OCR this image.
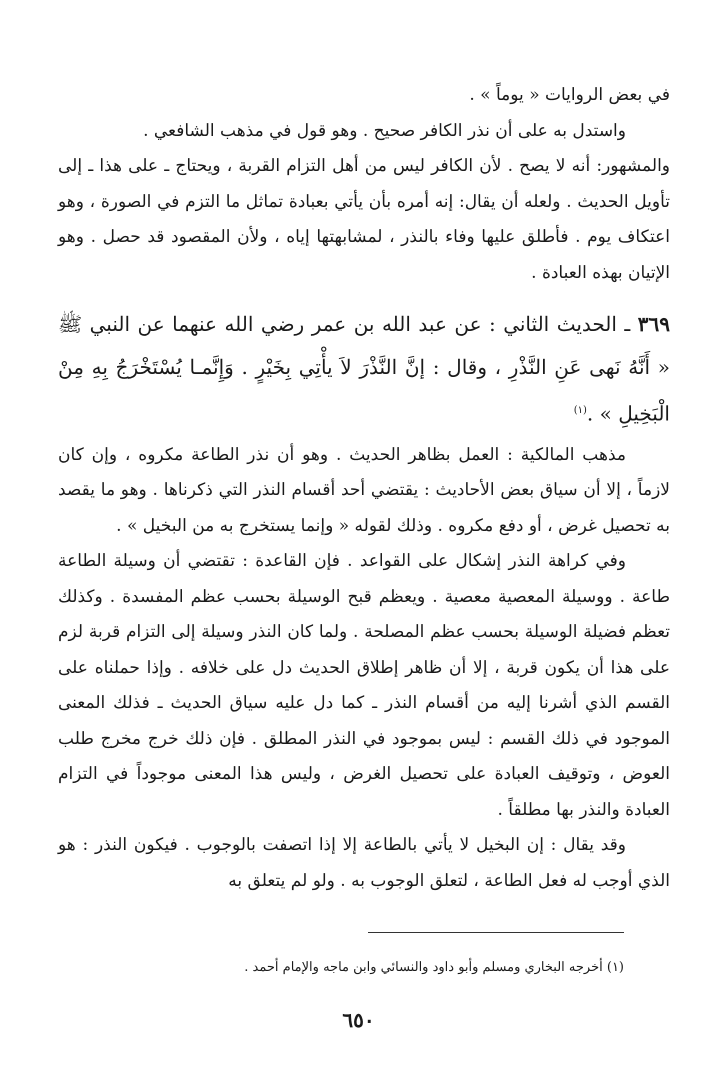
في بعض الروايات « يوماً » .

واستدل به على أن نذر الكافر صحيح . وهو قول في مذهب الشافعي .

والمشهور: أنه لا يصح . لأن الكافر ليس من أهل التزام القربة ، ويحتاج ـ على هذا ـ إلى تأويل الحديث . ولعله أن يقال: إنه أمره بأن يأتي بعبادة تماثل ما التزم في الصورة ، وهو اعتكاف يوم . فأطلق عليها وفاء بالنذر ، لمشابهتها إياه ، ولأن المقصود قد حصل . وهو الإتيان بهذه العبادة .

٣٦٩ ـ الحديث الثاني : عن عبد الله بن عمر رضي الله عنهما عن النبي ﷺ « أَنَّهُ نَهى عَنِ النَّذْرِ ، وقال : إنَّ النَّذْرَ لاَ يأْتِي بِخَيْرٍ . وَإِنَّمـا يُسْتَخْرَجُ بِهِ مِنْ الْبَخِيلِ » .$^{(١)}$

مذهب المالكية : العمل بظاهر الحديث . وهو أن نذر الطاعة مكروه ، وإن كان لازماً ، إلا أن سياق بعض الأحاديث : يقتضي أحد أقسام النذر التي ذكرناها . وهو ما يقصد به تحصيل غرض ، أو دفع مكروه . وذلك لقوله « وإنما يستخرج به من البخيل » .

وفي كراهة النذر إشكال على القواعد . فإن القاعدة : تقتضي أن وسيلة الطاعة طاعة . ووسيلة المعصية معصية . ويعظم قبح الوسيلة بحسب عظم المفسدة . وكذلك تعظم فضيلة الوسيلة بحسب عظم المصلحة . ولما كان النذر وسيلة إلى التزام قربة لزم على هذا أن يكون قربة ، إلا أن ظاهر إطلاق الحديث دل على خلافه . وإذا حملناه على القسم الذي أشرنا إليه من أقسام النذر ـ كما دل عليه سياق الحديث ـ فذلك المعنى الموجود في ذلك القسم : ليس بموجود في النذر المطلق . فإن ذلك خرج مخرج طلب العوض ، وتوقيف العبادة على تحصيل الغرض ، وليس هذا المعنى موجوداً في التزام العبادة والنذر بها مطلقاً .

وقد يقال : إن البخيل لا يأتي بالطاعة إلا إذا اتصفت بالوجوب . فيكون النذر : هو الذي أوجب له فعل الطاعة ، لتعلق الوجوب به . ولو لم يتعلق به

(١) أخرجه البخاري ومسلم وأبو داود والنسائي وابن ماجه والإمام أحمد .
٦٥٠
